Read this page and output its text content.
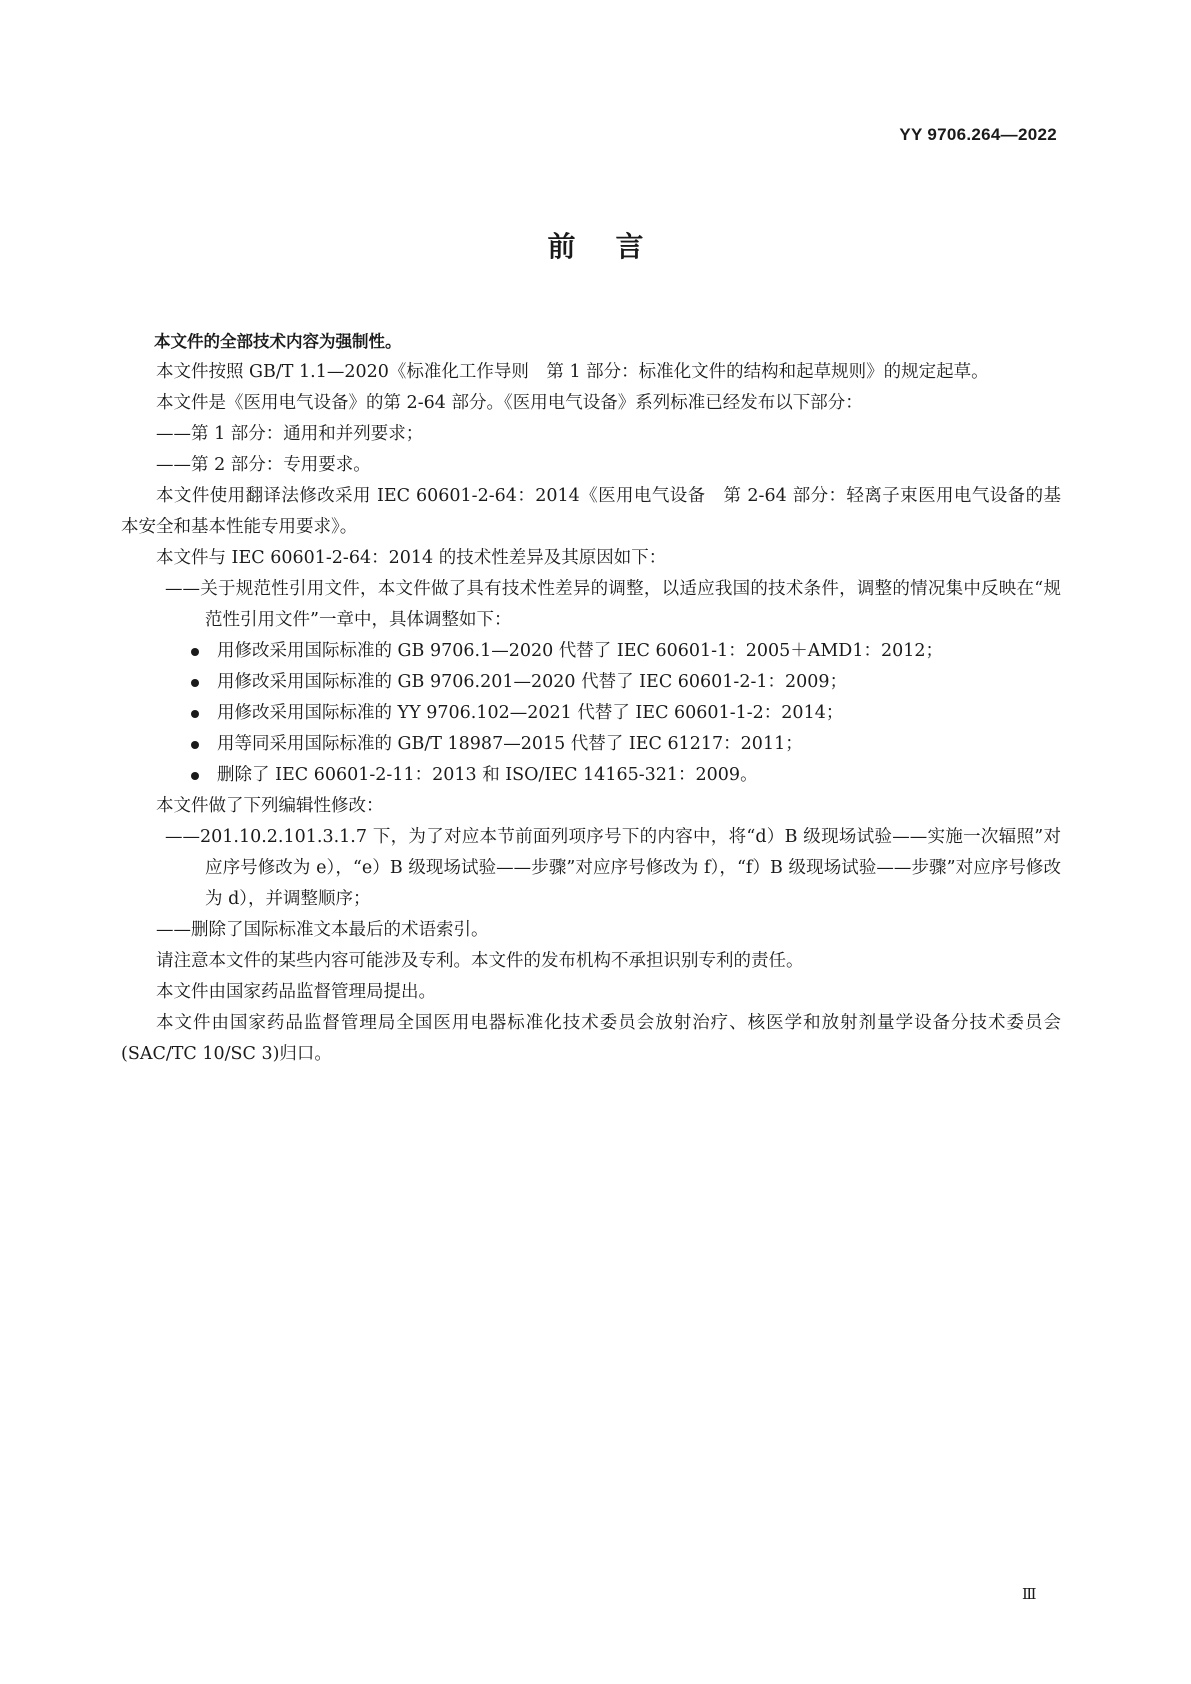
YY 9706.264—2022
前言

本文件的全部技术内容为强制性。

本文件按照 GB/T 1.1—2020《标准化工作导则　第 1 部分：标准化文件的结构和起草规则》的规定起草。

本文件是《医用电气设备》的第 2-64 部分。《医用电气设备》系列标准已经发布以下部分：

——第 1 部分：通用和并列要求；

——第 2 部分：专用要求。

本文件使用翻译法修改采用 IEC 60601-2-64：2014《医用电气设备　第 2-64 部分：轻离子束医用电气设备的基本安全和基本性能专用要求》。

本文件与 IEC 60601-2-64：2014 的技术性差异及其原因如下：

——关于规范性引用文件，本文件做了具有技术性差异的调整，以适应我国的技术条件，调整的情况集中反映在“规范性引用文件”一章中，具体调整如下：

用修改采用国际标准的 GB 9706.1—2020 代替了 IEC 60601-1：2005＋AMD1：2012；
用修改采用国际标准的 GB 9706.201—2020 代替了 IEC 60601-2-1：2009；
用修改采用国际标准的 YY 9706.102—2021 代替了 IEC 60601-1-2：2014；
用等同采用国际标准的 GB/T 18987—2015 代替了 IEC 61217：2011；
删除了 IEC 60601-2-11：2013 和 ISO/IEC 14165-321：2009。

本文件做了下列编辑性修改：

——201.10.2.101.3.1.7 下，为了对应本节前面列项序号下的内容中，将“d）B 级现场试验——实施一次辐照”对应序号修改为 e），“e）B 级现场试验——步骤”对应序号修改为 f），“f）B 级现场试验——步骤”对应序号修改为 d），并调整顺序；

——删除了国际标准文本最后的术语索引。

请注意本文件的某些内容可能涉及专利。本文件的发布机构不承担识别专利的责任。

本文件由国家药品监督管理局提出。

本文件由国家药品监督管理局全国医用电器标准化技术委员会放射治疗、核医学和放射剂量学设备分技术委员会(SAC/TC 10/SC 3)归口。

Ⅲ
